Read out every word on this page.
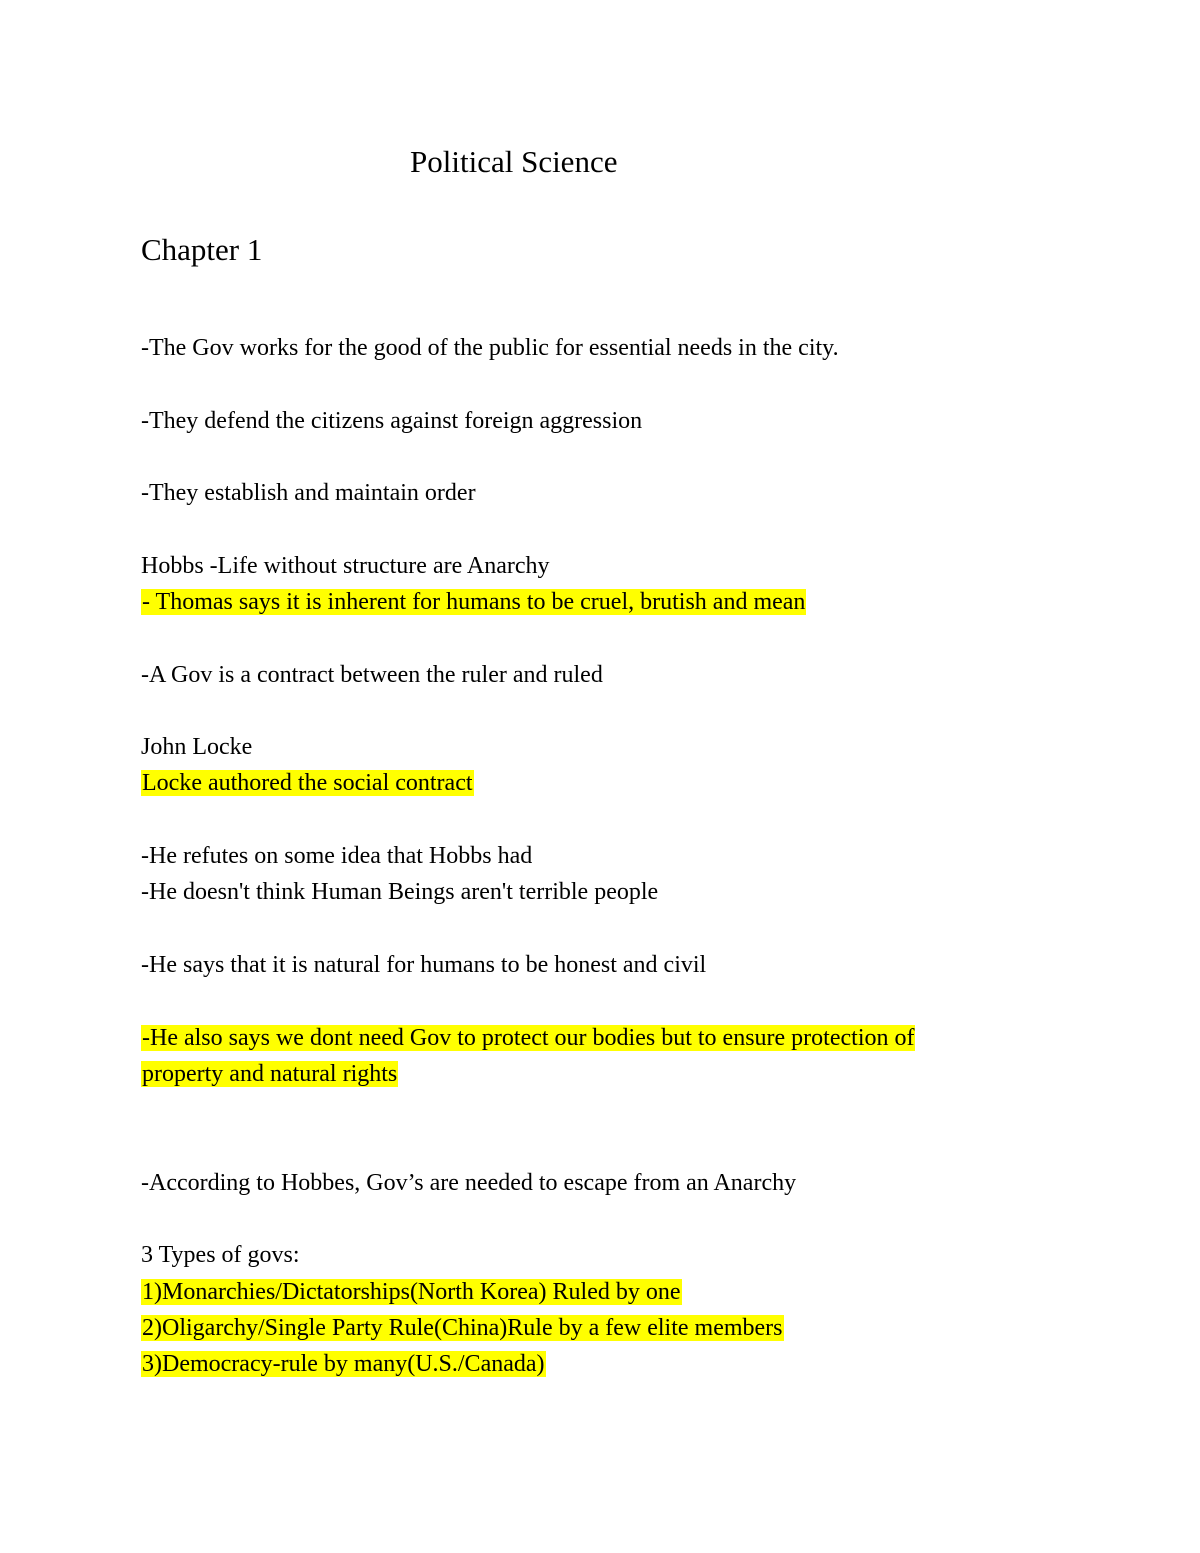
Political Science
Chapter 1
-The Gov works for the good of the public for essential needs in the city.
-They defend the citizens against foreign aggression
-They establish and maintain order
Hobbs -Life without structure are Anarchy
- Thomas says it is inherent for humans to be cruel, brutish and mean
-A Gov is a contract between the ruler and ruled
John Locke
Locke authored the social contract
-He refutes on some idea that Hobbs had
-He doesn't think Human Beings aren't terrible people
-He says that it is natural for humans to be honest and civil
-He also says we dont need Gov to protect our bodies but to ensure protection of
property and natural rights
-According to Hobbes, Gov’s are needed to escape from an Anarchy
3 Types of govs:
1)Monarchies/Dictatorships(North Korea) Ruled by one
2)Oligarchy/Single Party Rule(China)Rule by a few elite members
3)Democracy-rule by many(U.S./Canada)
